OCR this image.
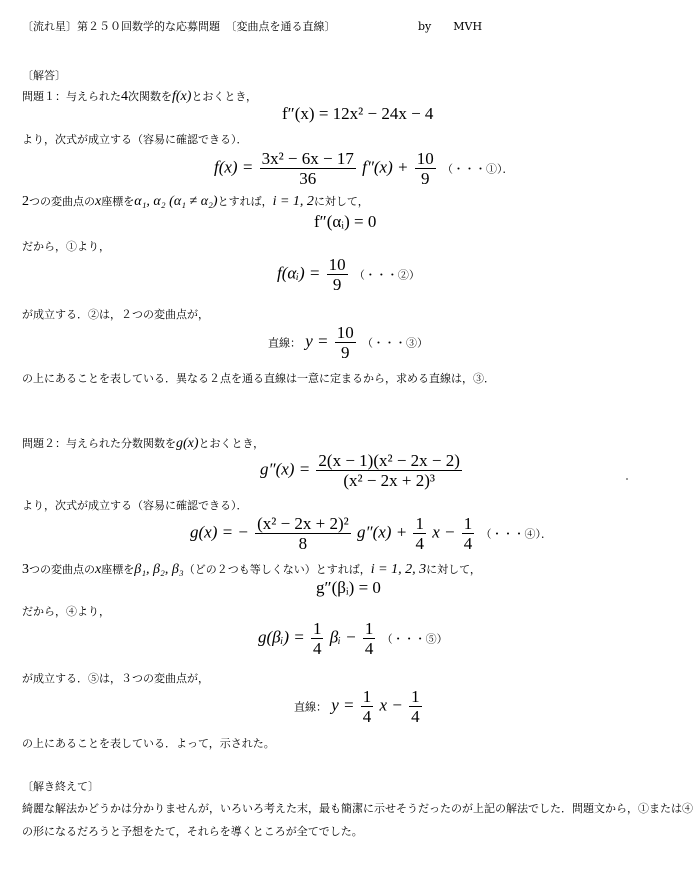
〔流れ星〕第２５０回数学的な応募問題　〔変曲点を通る直線〕	by　　MVH
〔解答〕
問題１：与えられた4次関数をf(x)とおくとき，
f″(x) = 12x² − 24x − 4
より，次式が成立する（容易に確認できる）．
$f(x) = \frac{\text{3x² − 6x − 17}}{36} f''(x) + \frac{10}{9}$ （・・・①）．
2つの変曲点のx座標をα₁, α₂ (α₁ ≠ α₂)とすれば，i = 1, 2に対して，
f″(αᵢ) = 0
だから，①より，
f(αᵢ) = $\frac{10}{9}$ （・・・②）
が成立する．②は，２つの変曲点が，
直線： $y = \frac{10}{9}$ （・・・③）
の上にあることを表している．異なる２点を通る直線は一意に定まるから，求める直線は，③．
問題２：与えられた分数関数をg(x)とおくとき，
$g''(x) = \frac{\text{2(x − 1)(x² − 2x − 2)}}{\text{(x² − 2x + 2)³}}$
より，次式が成立する（容易に確認できる）．
g(x) = − $\frac{\text{(x² − 2x + 2)²}}{8} g''(x) + \frac{1}{4}$ $x - \frac{1}{4}$ （・・・④）．
3つの変曲点のx座標をβ₁, β₂, β₃（どの２つも等しくない）とすれば，i = 1, 2, 3に対して，
g″(βᵢ) = 0
だから，④より，
g(βᵢ) = $\frac{1}{4}$ βᵢ − $\frac{1}{4}$ （・・・⑤）
が成立する．⑤は，３つの変曲点が，
直線： $y = \frac{1}{4}$ $x - \frac{1}{4}$
の上にあることを表している．よって，示された。
〔解き終えて〕
綺麗な解法かどうかは分かりませんが，いろいろ考えた末，最も簡潔に示せそうだったのが上記の解法でした．問題文から，①または④
の形になるだろうと予想をたて，それらを導くところが全てでした。
